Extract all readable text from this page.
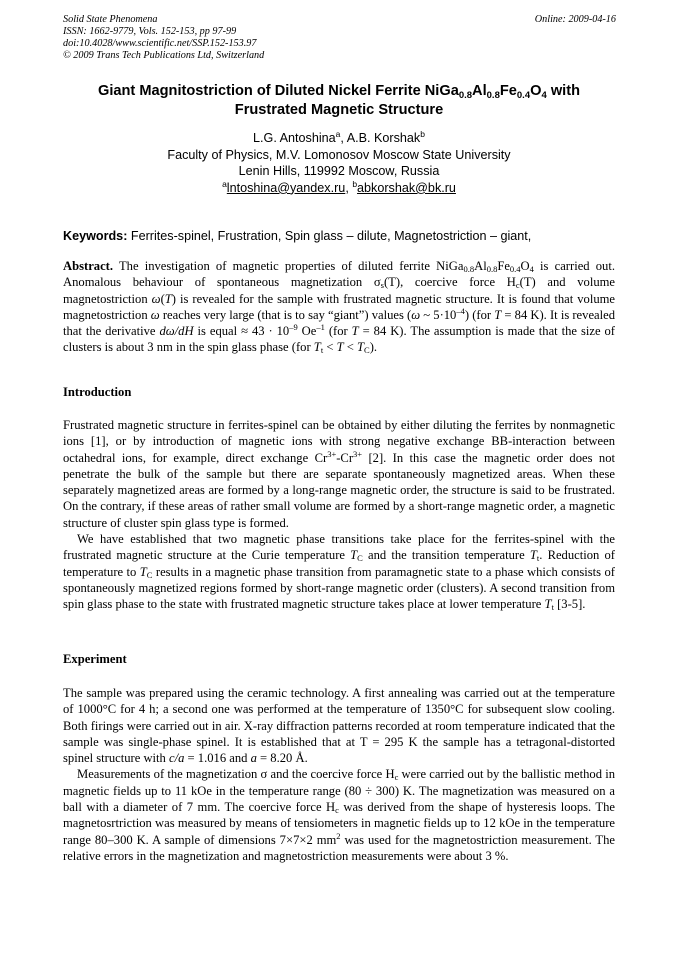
Solid State Phenomena
ISSN: 1662-9779, Vols. 152-153, pp 97-99
doi:10.4028/www.scientific.net/SSP.152-153.97
© 2009 Trans Tech Publications Ltd, Switzerland
Online: 2009-04-16
Giant Magnitostriction of Diluted Nickel Ferrite $NiGa_{0.8}Al_{0.8}Fe_{0.4}O_4$ with Frustrated Magnetic Structure
L.G. Antoshina$^a$, A.B. Korshak$^b$
Faculty of Physics, M.V. Lomonosov Moscow State University
Lenin Hills, 119992 Moscow, Russia
$^a$lntoshina@yandex.ru, $^b$abkorshak@bk.ru
Keywords: Ferrites-spinel, Frustration, Spin glass – dilute, Magnetostriction – giant,
Abstract. The investigation of magnetic properties of diluted ferrite $NiGa_{0.8}Al_{0.8}Fe_{0.4}O_4$ is carried out. Anomalous behaviour of spontaneous magnetization $\sigma_s(T)$, coercive force $H_c(T)$ and volume magnetostriction ω(T) is revealed for the sample with frustrated magnetic structure. It is found that volume magnetostriction ω reaches very large (that is to say “giant”) values (ω ~ $5\cdot 10^{-4}$) (for T = 84 K). It is revealed that the derivative dω/dH is equal ≈ $43 \cdot 10^{-9}$ $Oe^{-1}$ (for T = 84 K). The assumption is made that the size of clusters is about 3 nm in the spin glass phase (for $T_t < T < T_C$).
Introduction
Frustrated magnetic structure in ferrites-spinel can be obtained by either diluting the ferrites by nonmagnetic ions [1], or by introduction of magnetic ions with strong negative exchange BB-interaction between octahedral ions, for example, direct exchange $Cr^{3+}-Cr^{3+}$ [2]. In this case the magnetic order does not penetrate the bulk of the sample but there are separate spontaneously magnetized areas. When these separately magnetized areas are formed by a long-range magnetic order, the structure is said to be frustrated. On the contrary, if these areas of rather small volume are formed by a short-range magnetic order, a magnetic structure of cluster spin glass type is formed.
We have established that two magnetic phase transitions take place for the ferrites-spinel with the frustrated magnetic structure at the Curie temperature $T_C$ and the transition temperature $T_t$. Reduction of temperature to $T_C$ results in a magnetic phase transition from paramagnetic state to a phase which consists of spontaneously magnetized regions formed by short-range magnetic order (clusters). A second transition from spin glass phase to the state with frustrated magnetic structure takes place at lower temperature $T_t$ [3-5].
Experiment
The sample was prepared using the ceramic technology. A first annealing was carried out at the temperature of 1000°C for 4 h; a second one was performed at the temperature of 1350°C for subsequent slow cooling. Both firings were carried out in air. X-ray diffraction patterns recorded at room temperature indicated that the sample was single-phase spinel. It is established that at T = 295 K the sample has a tetragonal-distorted spinel structure with c/a = 1.016 and a = 8.20 Å.
Measurements of the magnetization σ and the coercive force $H_c$ were carried out by the ballistic method in magnetic fields up to 11 kOe in the temperature range (80 ÷ 300) K. The magnetization was measured on a ball with a diameter of 7 mm. The coercive force $H_c$ was derived from the shape of hysteresis loops. The magnetosrtriction was measured by means of tensiometers in magnetic fields up to 12 kOe in the temperature range 80–300 K. A sample of dimensions 7×7×2 $mm^2$ was used for the magnetostriction measurement. The relative errors in the magnetization and magnetostriction measurements were about 3 %.
